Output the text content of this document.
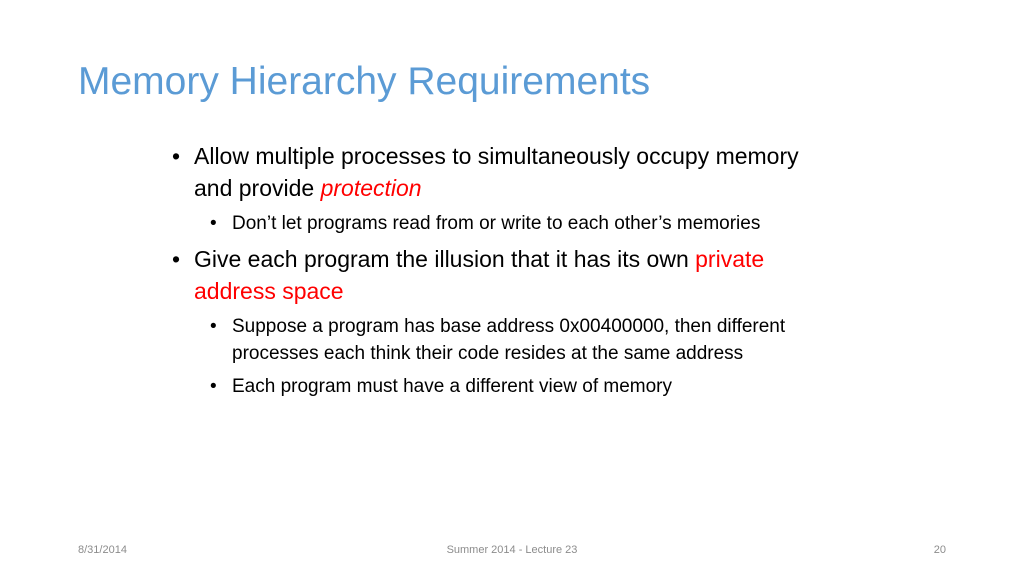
Memory Hierarchy Requirements
• Allow multiple processes to simultaneously occupy memory and provide protection
• Don’t let programs read from or write to each other’s memories
• Give each program the illusion that it has its own private address space
• Suppose a program has base address 0x00400000, then different processes each think their code resides at the same address
• Each program must have a different view of memory
8/31/2014	Summer 2014 - Lecture 23	20
